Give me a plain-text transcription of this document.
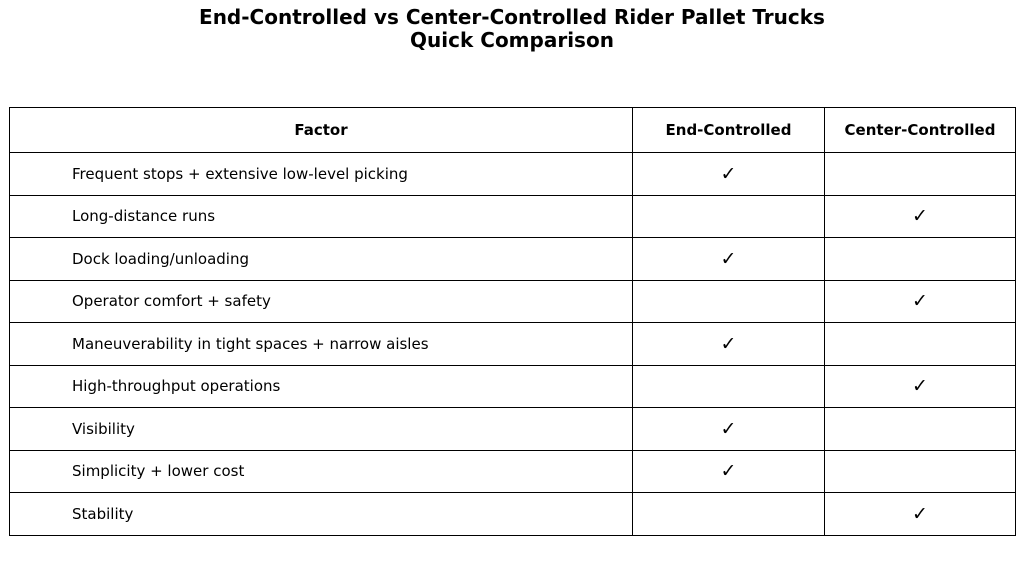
End-Controlled vs Center-Controlled Rider Pallet Trucks
Quick Comparison
Factor	End-Controlled	Center-Controlled
Frequent stops + extensive low-level picking	✓	
Long-distance runs		✓
Dock loading/unloading	✓	
Operator comfort + safety		✓
Maneuverability in tight spaces + narrow aisles	✓	
High-throughput operations		✓
Visibility	✓	
Simplicity + lower cost	✓	
Stability		✓
